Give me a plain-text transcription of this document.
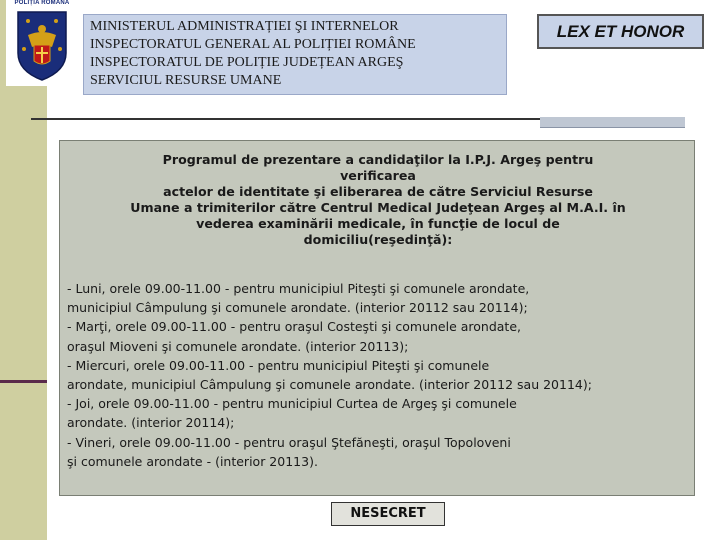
POLIȚIA ROMÂNĂ
MINISTERUL ADMINISTRAȚIEI ŞI INTERNELOR
INSPECTORATUL GENERAL AL POLIȚIEI ROMÂNE
INSPECTORATUL DE POLIȚIE JUDEȚEAN ARGEŞ
SERVICIUL RESURSE UMANE
LEX ET HONOR
Programul de prezentare a candidaţilor la I.P.J. Argeş pentru
verificarea
actelor de identitate şi eliberarea de către Serviciul Resurse
Umane a trimiterilor către Centrul Medical Judeţean Argeş al M.A.I. în
vederea examinării medicale, în funcţie de locul de
domiciliu(reşedinţă):
- Luni, orele 09.00-11.00 - pentru municipiul Piteşti şi comunele arondate,
municipiul Câmpulung şi comunele arondate. (interior 20112 sau 20114);
- Marţi, orele 09.00-11.00 - pentru oraşul Costeşti şi comunele arondate,
oraşul Mioveni şi comunele arondate. (interior 20113);
- Miercuri, orele 09.00-11.00 - pentru municipiul Piteşti şi comunele
arondate, municipiul Câmpulung şi comunele arondate. (interior 20112 sau 20114);
- Joi, orele 09.00-11.00 - pentru municipiul Curtea de Argeş şi comunele
arondate. (interior 20114);
- Vineri, orele 09.00-11.00 - pentru oraşul Ştefăneşti, oraşul Topoloveni
şi comunele arondate - (interior 20113).
NESECRET
